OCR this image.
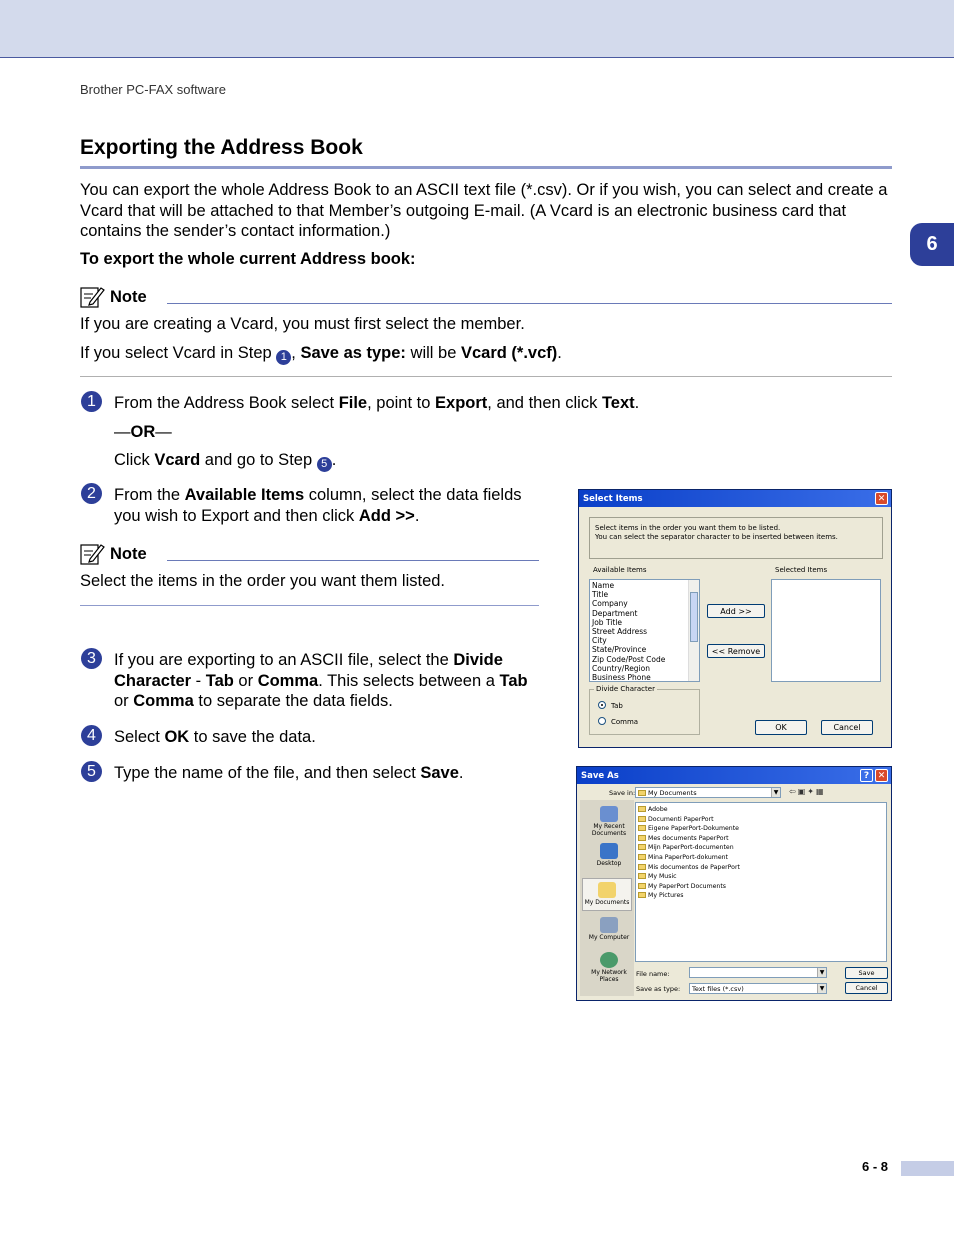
Brother PC-FAX software
6
Exporting the Address Book
You can export the whole Address Book to an ASCII text file (*.csv). Or if you wish, you can select and create a Vcard that will be attached to that Member’s outgoing E-mail. (A Vcard is an electronic business card that contains the sender’s contact information.)
To export the whole current Address book:
Note
If you are creating a Vcard, you must first select the member.
If you select Vcard in Step 1 , Save as type: will be Vcard (*.vcf).
1	From the Address Book select File, point to Export, and then click Text.
—OR—
Click Vcard and go to Step 5 .
2	From the Available Items column, select the data fields you wish to Export and then click Add >>.
Note
Select the items in the order you want them listed.
3	If you are exporting to an ASCII file, select the Divide Character - Tab or Comma. This selects between a Tab or Comma to separate the data fields.
4	Select OK to save the data.
5	Type the name of the file, and then select Save.
Select Items	✕
Select items in the order you want them to be listed.
You can select the separator character to be inserted between items.
Available Items	Selected Items
Name
Title
Company
Department
Job Title
Street Address
City
State/Province
Zip Code/Post Code
Country/Region
Business Phone
Add >>
<< Remove
Divide Character
Tab
Comma
OK	Cancel
Save As	? ✕
Save in: My Documents	▼ ⇦▣✦▦
My Recent Documents
Desktop
My Documents
My Computer
My Network Places
Adobe
Documenti PaperPort
Eigene PaperPort-Dokumente
Mes documents PaperPort
Mijn PaperPort-documenten
Mina PaperPort-dokument
Mis documentos de PaperPort
My Music
My PaperPort Documents
My Pictures
File name:	▼
Save as type: Text files (*.csv)	▼
Save
Cancel
6 - 8
